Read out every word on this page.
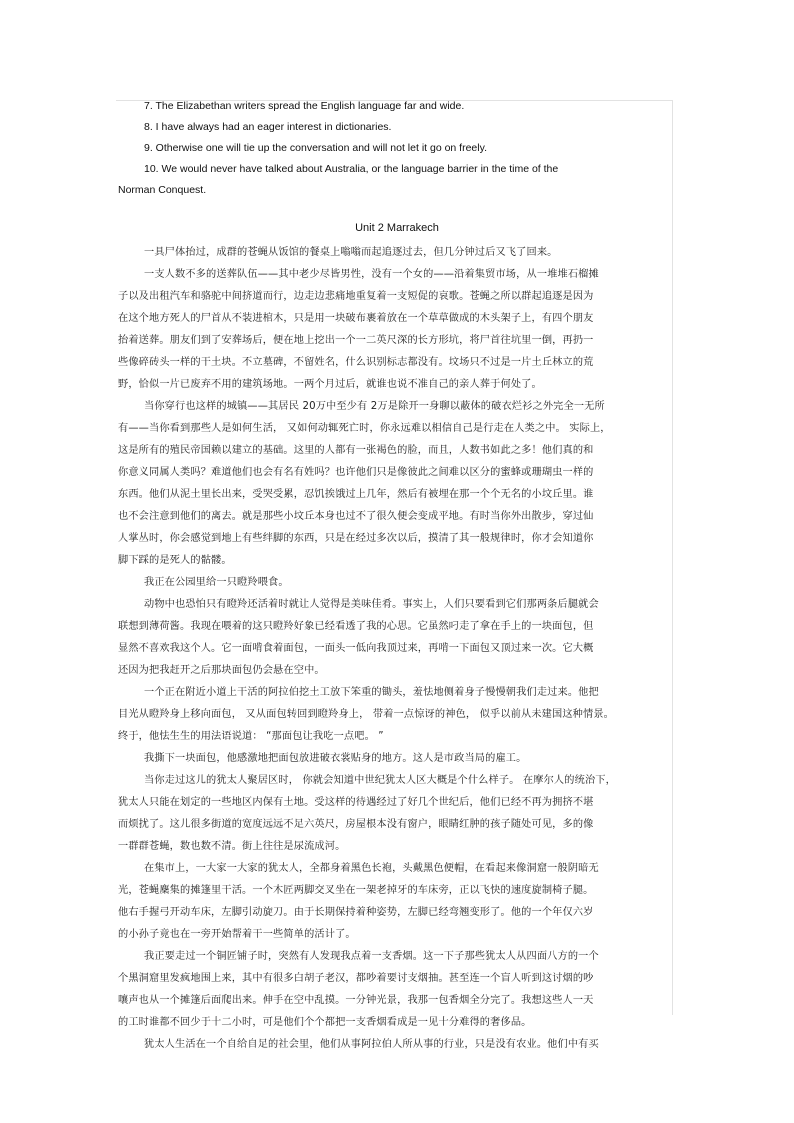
7. The Elizabethan writers spread the English language far and wide.
8. I have always had an eager interest in dictionaries.
9. Otherwise one will tie up the conversation and will not let it go on freely.
10. We would never have talked about Australia, or the language barrier in the time of the
Norman Conquest.
Unit 2 Marrakech
一具尸体抬过，成群的苍蝇从饭馆的餐桌上嗡嗡而起追逐过去，但几分钟过后又飞了回来。
一支人数不多的送葬队伍——其中老少尽皆男性，没有一个女的——沿着集贸市场，从一堆堆石榴摊
子以及出租汽车和骆驼中间挤道而行，边走边悲痛地重复着一支短促的哀歌。苍蝇之所以群起追逐是因为
在这个地方死人的尸首从不装进棺木，只是用一块破布裹着放在一个草草做成的木头架子上，有四个朋友
抬着送葬。朋友们到了安葬场后，便在地上挖出一个一二英尺深的长方形坑，将尸首往坑里一倒，再扔一
些像碎砖头一样的干土块。不立墓碑，不留姓名，什么识别标志都没有。坟场只不过是一片土丘林立的荒
野，恰似一片已废弃不用的建筑场地。一两个月过后，就谁也说不准自己的亲人葬于何处了。
当你穿行也这样的城镇——其居民 20万中至少有 2万是除开一身聊以蔽体的破衣烂衫之外完全一无所
有——当你看到那些人是如何生活， 又如何动辄死亡时，你永远难以相信自己是行走在人类之中。 实际上，
这是所有的殖民帝国赖以建立的基础。这里的人都有一张褐色的脸，而且，人数书如此之多！他们真的和
你意义同属人类吗？难道他们也会有名有姓吗？也许他们只是像彼此之间难以区分的蜜蜂或珊瑚虫一样的
东西。他们从泥土里长出来，受哭受累，忍饥挨饿过上几年，然后有被埋在那一个个无名的小坟丘里。谁
也不会注意到他们的离去。就是那些小坟丘本身也过不了很久便会变成平地。有时当你外出散步，穿过仙
人掌丛时，你会感觉到地上有些绊脚的东西，只是在经过多次以后，摸清了其一般规律时，你才会知道你
脚下踩的是死人的骷髅。
我正在公园里给一只瞪羚喂食。
动物中也恐怕只有瞪羚还活着时就让人觉得是美味佳肴。事实上，人们只要看到它们那两条后腿就会
联想到薄荷酱。我现在喂着的这只瞪羚好象已经看透了我的心思。它虽然叼走了拿在手上的一块面包，但
显然不喜欢我这个人。它一面啃食着面包，一面头一低向我顶过来，再啃一下面包又顶过来一次。它大概
还因为把我赶开之后那块面包仍会悬在空中。
一个正在附近小道上干活的阿拉伯挖土工放下笨重的锄头，羞怯地侧着身子慢慢朝我们走过来。他把
目光从瞪羚身上移向面包， 又从面包转回到瞪羚身上， 带着一点惊讶的神色， 似乎以前从未建国这种情景。
终于，他怯生生的用法语说道： “那面包让我吃一点吧。 ”
我撕下一块面包，他感激地把面包放进破衣裳贴身的地方。这人是市政当局的雇工。
当你走过这儿的犹太人聚居区时， 你就会知道中世纪犹太人区大概是个什么样子。 在摩尔人的统治下，
犹太人只能在划定的一些地区内保有土地。受这样的待遇经过了好几个世纪后，他们已经不再为拥挤不堪
而烦扰了。这儿很多街道的宽度远远不足六英尺，房屋根本没有窗户，眼睛红肿的孩子随处可见，多的像
一群群苍蝇，数也数不清。街上往往是尿流成河。
在集市上，一大家一大家的犹太人，全都身着黑色长袍，头戴黑色便帽，在看起来像洞窟一般阴暗无
光，苍蝇麇集的摊篷里干活。一个木匠两脚交叉坐在一架老掉牙的车床旁，正以飞快的速度旋制椅子腿。
他右手握弓开动车床，左脚引动旋刀。由于长期保持着种姿势，左脚已经弯翘变形了。他的一个年仅六岁
的小孙子竟也在一旁开始帮着干一些简单的活计了。
我正要走过一个铜匠铺子时，突然有人发现我点着一支香烟。这一下子那些犹太人从四面八方的一个
个黑洞窟里发疯地围上来，其中有很多白胡子老汉，都吵着要讨支烟抽。甚至连一个盲人听到这讨烟的吵
嚷声也从一个摊篷后面爬出来。伸手在空中乱摸。一分钟光景，我那一包香烟全分完了。我想这些人一天
的工时谁都不回少于十二小时，可是他们个个都把一支香烟看成是一见十分难得的奢侈品。
犹太人生活在一个自给自足的社会里，他们从事阿拉伯人所从事的行业，只是没有农业。他们中有买
